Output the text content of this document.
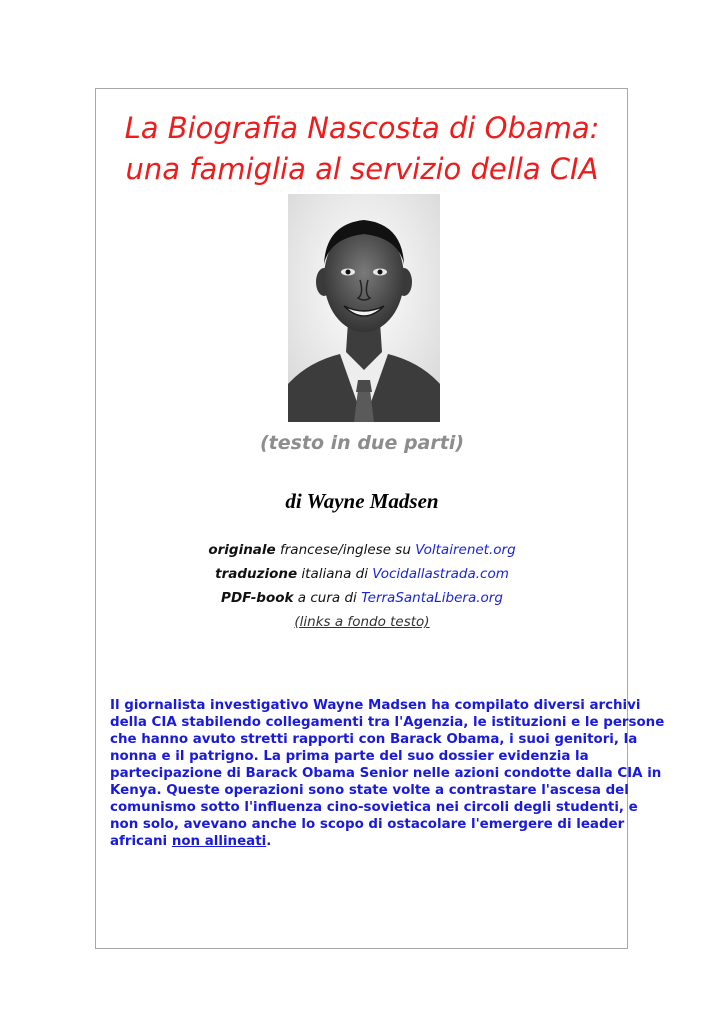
La Biografia Nascosta di Obama:
una famiglia al servizio della CIA
(testo in due parti)
di Wayne Madsen
originale francese/inglese su Voltairenet.org
traduzione italiana di Vocidallastrada.com
PDF-book a cura di TerraSantaLibera.org
(links a fondo testo)
Il giornalista investigativo Wayne Madsen ha compilato diversi archivi
della CIA stabilendo collegamenti tra l'Agenzia, le istituzioni e le persone
che hanno avuto stretti rapporti con Barack Obama, i suoi genitori, la
nonna e il patrigno. La prima parte del suo dossier evidenzia la
partecipazione di Barack Obama Senior nelle azioni condotte dalla CIA in
Kenya. Queste operazioni sono state volte a contrastare l'ascesa del
comunismo sotto l'influenza cino-sovietica nei circoli degli studenti, e
non solo, avevano anche lo scopo di ostacolare l'emergere di leader
africani non allineati.
